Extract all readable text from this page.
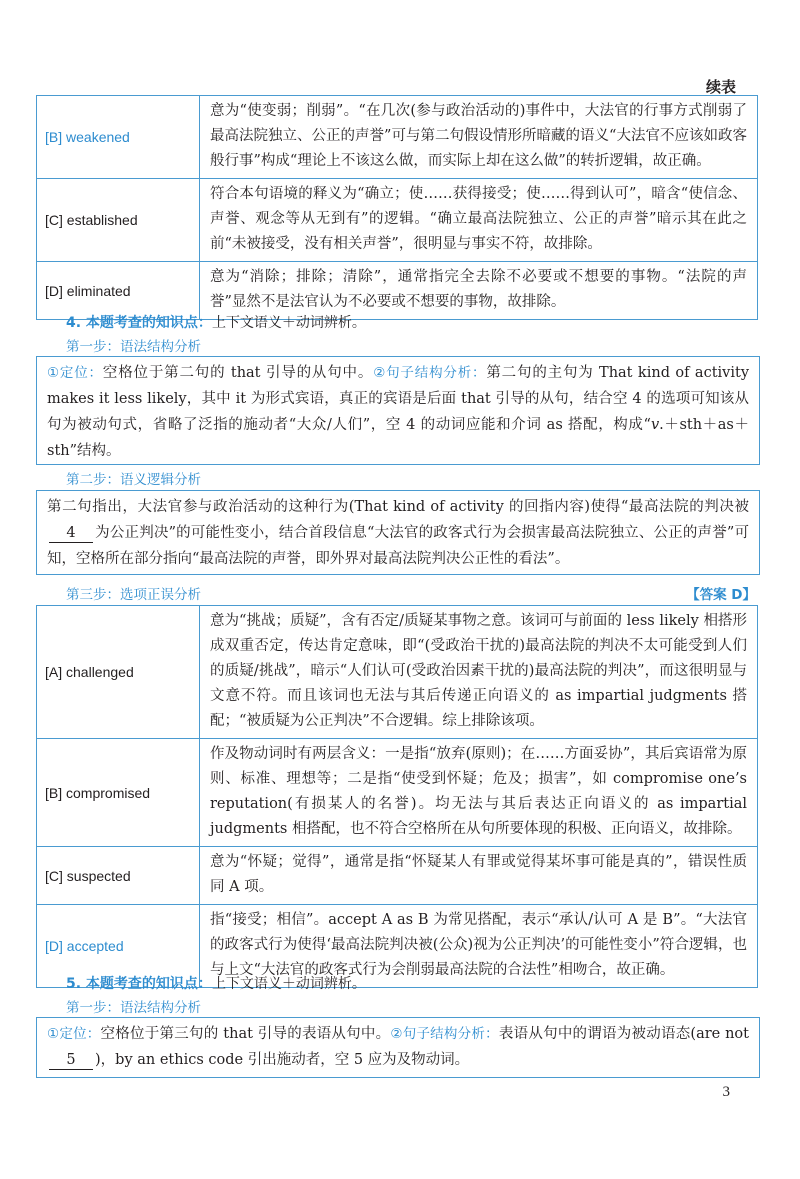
续表
[B] weakened	意为“使变弱；削弱”。“在几次(参与政治活动的)事件中，大法官的行事方式削弱了最高法院独立、公正的声誉”可与第二句假设情形所暗藏的语义“大法官不应该如政客般行事”构成“理论上不该这么做，而实际上却在这么做”的转折逻辑，故正确。
[C] established	符合本句语境的释义为“确立；使……获得接受；使……得到认可”，暗含“使信念、声誉、观念等从无到有”的逻辑。“确立最高法院独立、公正的声誉”暗示其在此之前“未被接受，没有相关声誉”，很明显与事实不符，故排除。
[D] eliminated	意为“消除；排除；清除”，通常指完全去除不必要或不想要的事物。“法院的声誉”显然不是法官认为不必要或不想要的事物，故排除。
4. 本题考查的知识点：上下文语义＋动词辨析。
第一步：语法结构分析
①定位：空格位于第二句的 that 引导的从句中。②句子结构分析：第二句的主句为 That kind of activity makes it less likely，其中 it 为形式宾语，真正的宾语是后面 that 引导的从句，结合空 4 的选项可知该从句为被动句式，省略了泛指的施动者“大众/人们”，空 4 的动词应能和介词 as 搭配，构成“v.＋sth＋as＋sth”结构。
第二步：语义逻辑分析
第二句指出，大法官参与政治活动的这种行为(That kind of activity 的回指内容)使得“最高法院的判决被4 为公正判决”的可能性变小，结合首段信息“大法官的政客式行为会损害最高法院独立、公正的声誉”可知，空格所在部分指向“最高法院的声誉，即外界对最高法院判决公正性的看法”。
第三步：选项正误分析	【答案 D】
[A] challenged	意为“挑战；质疑”，含有否定/质疑某事物之意。该词可与前面的 less likely 相搭形成双重否定，传达肯定意味，即“(受政治干扰的)最高法院的判决不太可能受到人们的质疑/挑战”，暗示“人们认可(受政治因素干扰的)最高法院的判决”，而这很明显与文意不符。而且该词也无法与其后传递正向语义的 as impartial judgments 搭配；“被质疑为公正判决”不合逻辑。综上排除该项。
[B] compromised	作及物动词时有两层含义：一是指“放弃(原则)；在……方面妥协”，其后宾语常为原则、标准、理想等；二是指“使受到怀疑；危及；损害”，如 compromise one’s reputation(有损某人的名誉)。均无法与其后表达正向语义的 as impartial judgments 相搭配，也不符合空格所在从句所要体现的积极、正向语义，故排除。
[C] suspected	意为“怀疑；觉得”，通常是指“怀疑某人有罪或觉得某坏事可能是真的”，错误性质同 A 项。
[D] accepted	指“接受；相信”。accept A as B 为常见搭配，表示“承认/认可 A 是 B”。“大法官的政客式行为使得‘最高法院判决被(公众)视为公正判决’的可能性变小”符合逻辑，也与上文“大法官的政客式行为会削弱最高法院的合法性”相吻合，故正确。
5. 本题考查的知识点：上下文语义＋动词辨析。
第一步：语法结构分析
①定位：空格位于第三句的 that 引导的表语从句中。②句子结构分析：表语从句中的谓语为被动语态(are not5 )，by an ethics code 引出施动者，空 5 应为及物动词。
3
